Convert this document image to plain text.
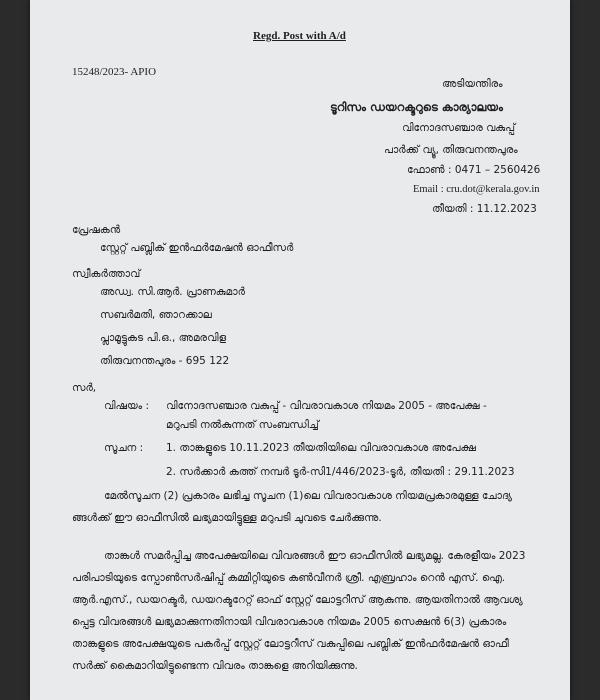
Regd. Post with A/d
15248/2023- APIO
അടിയന്തിരം
ടൂറിസം ഡയറക്ടറുടെ കാര്യാലയം
വിനോദസഞ്ചാര വകുപ്പ്
പാർക്ക് വ്യൂ, തിരുവനന്തപുരം
ഫോൺ : 0471 – 2560426
Email : cru.dot@kerala.gov.in
തീയതി : 11.12.2023
പ്രേഷകൻ
സ്റ്റേറ്റ് പബ്ലിക് ഇൻഫർമേഷൻ ഓഫീസർ
സ്വീകർത്താവ്
അഡ്വ. സി.ആർ. പ്രാണകുമാർ
സബർമതി, ഞാറക്കാല
പ്ലാമൂട്ടുകട പി.ഒ., അമരവിള
തിരുവനന്തപുരം - 695 122
സർ,
വിഷയം : വിനോദസഞ്ചാര വകുപ്പ് - വിവരാവകാശ നിയമം 2005 - അപേക്ഷ -
മറുപടി നൽകുന്നത് സംബന്ധിച്ച്
സൂചന : 1. താങ്കളുടെ 10.11.2023 തീയതിയിലെ വിവരാവകാശ അപേക്ഷ
2. സർക്കാർ കത്ത് നമ്പർ ടൂർ-സി1/446/2023-ടൂർ, തീയതി : 29.11.2023
മേൽസൂചന (2) പ്രകാരം ലഭിച്ച സൂചന (1)ലെ വിവരാവകാശ നിയമപ്രകാരമുള്ള ചോദ്യ
ങ്ങൾക്ക് ഈ ഓഫീസിൽ ലഭ്യമായിട്ടുള്ള മറുപടി ചുവടെ ചേർക്കുന്നു.
താങ്കൾ സമർപ്പിച്ച അപേക്ഷയിലെ വിവരങ്ങൾ ഈ ഓഫീസിൽ ലഭ്യമല്ല. കേരളീയം 2023
പരിപാടിയുടെ സ്പോൺസർഷിപ്പ് കമ്മിറ്റിയുടെ കൺവീനർ ശ്രീ. എബ്രഹാം റെൻ എസ്. ഐ.
ആർ.എസ്., ഡയറക്ടർ, ഡയറക്ടറേറ്റ് ഓഫ് സ്റ്റേറ്റ് ലോട്ടറീസ് ആകുന്നു. ആയതിനാൽ ആവശ്യ
പ്പെട്ട വിവരങ്ങൾ ലഭ്യമാക്കുന്നതിനായി വിവരാവകാശ നിയമം 2005 സെക്ഷൻ 6(3) പ്രകാരം
താങ്കളുടെ അപേക്ഷയുടെ പകർപ്പ് സ്റ്റേറ്റ് ലോട്ടറീസ് വകുപ്പിലെ പബ്ലിക് ഇൻഫർമേഷൻ ഓഫീ
സർക്ക് കൈമാറിയിട്ടുണ്ടെന്ന വിവരം താങ്കളെ അറിയിക്കുന്നു.
